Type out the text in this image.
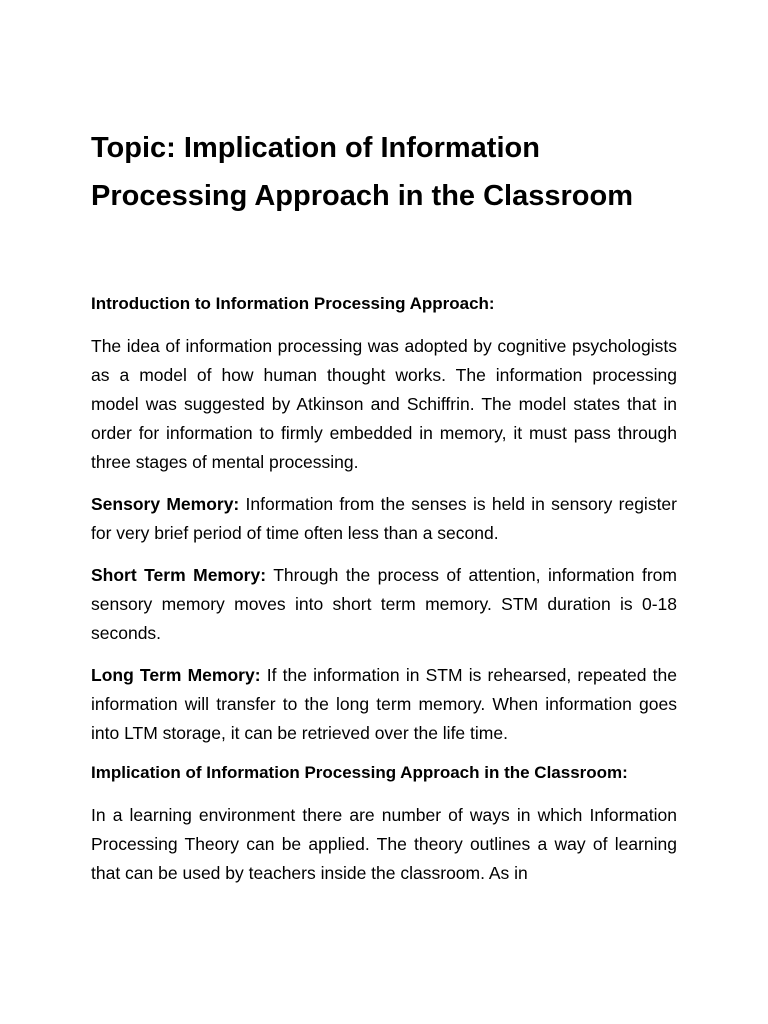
Topic: Implication of Information
Processing Approach in the Classroom
Introduction to Information Processing Approach:

The idea of information processing was adopted by cognitive psychologists as a model of how human thought works. The information processing model was suggested by Atkinson and Schiffrin. The model states that in order for information to firmly embedded in memory, it must pass through three stages of mental processing.

Sensory Memory: Information from the senses is held in sensory register for very brief period of time often less than a second.

Short Term Memory: Through the process of attention, information from sensory memory moves into short term memory. STM duration is 0-18 seconds.

Long Term Memory: If the information in STM is rehearsed, repeated the information will transfer to the long term memory. When information goes into LTM storage, it can be retrieved over the life time.

Implication of Information Processing Approach in the Classroom:

In a learning environment there are number of ways in which Information Processing Theory can be applied. The theory outlines a way of learning that can be used by teachers inside the classroom. As in
